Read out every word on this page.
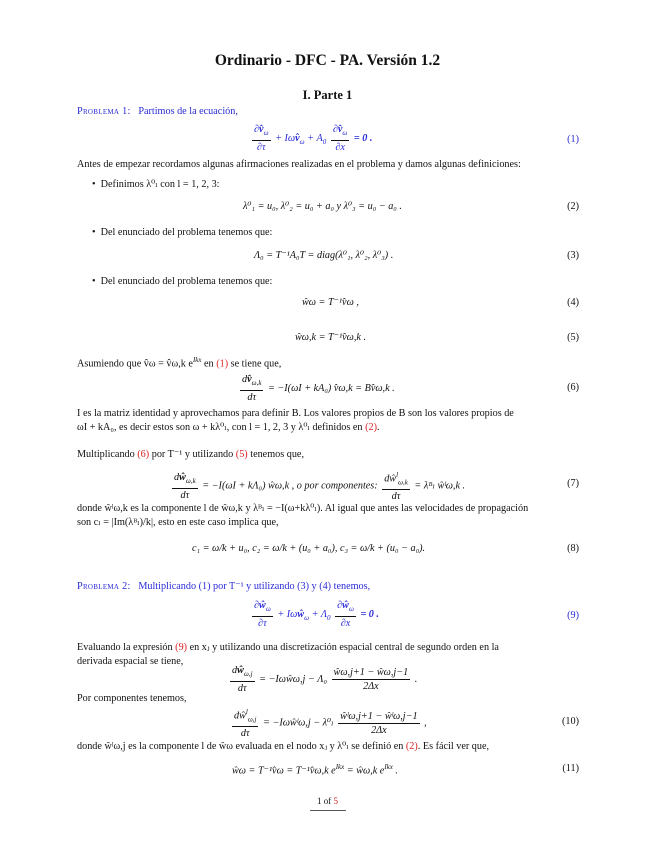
Ordinario - DFC - PA. Versión 1.2
I. Parte 1
Problema 1: Partimos de la ecuación,
$\frac{\partial v̂_\omega}{\partial\tau}$ + $I\omega v̂_\omega + A_0 \frac{\partial v̂_\omega}{\partial x} = 0$ .	(1)
Antes de empezar recordamos algunas afirmaciones realizadas en el problema y damos algunas definiciones:
•  Definimos λ⁰ₗ con l = 1, 2, 3:
λ⁰₁ = u₀, λ⁰₂ = u₀ + a₀ y λ⁰₃ = u₀ − a₀ .	(2)
•  Del enunciado del problema tenemos que:
Λ₀ = T⁻¹A₀T = diag(λ⁰₁, λ⁰₂, λ⁰₃) .	(3)
•  Del enunciado del problema tenemos que:
ŵω = T⁻¹v̂ω ,	(4)
ŵω,k = T⁻¹v̂ω,k .	(5)
Asumiendo que v̂ω = v̂ω,k $e^{Ikx}$ en (1) se tiene que,
$\frac{dv̂_{\omega,k}}{d\tau} = -I(\omega I + kA_0)$ v̂ω,k = Bv̂ω,k .	(6)
I es la matriz identidad y aprovechamos para definir B. Los valores propios de B son los valores propios de
ωI + kA₀, es decir estos son ω + kλ⁰ₗ, con l = 1, 2, 3 y λ⁰ₗ definidos en (2).
Multiplicando (6) por T⁻¹ y utilizando (5) tenemos que,
$\frac{dŵ_{\omega,k}}{d\tau} = -I(\omega I + k\Lambda_0)$ ŵω,k , o por componentes: $\frac{dŵ^l_{\omega,k}}{d\tau}$ = λᴮₗ ŵˡω,k .	(7)
donde ŵˡω,k es la componente l de ŵω,k y λᴮₗ = −I(ω+kλ⁰ₗ). Al igual que antes las velocidades de propagación
son cₗ = |Im(λᴮₗ)/k|, esto en este caso implica que,
c₁ = ω/k + u₀, c₂ = ω/k + (u₀ + a₀), c₃ = ω/k + (u₀ − a₀).	(8)
Problema 2: Multiplicando (1) por T⁻¹ y utilizando (3) y (4) tenemos,
$\frac{\partial ŵ_\omega}{\partial\tau}$ + Iωŵ$_\omega$ + $\Lambda_0 \frac{\partial ŵ_\omega}{\partial x} = 0$ .	(9)
Evaluando la expresión (9) en xⱼ y utilizando una discretización espacial central de segundo orden en la
derivada espacial se tiene,
$\frac{dŵ_{\omega,j}}{d\tau}$ = −Iωŵω,j − $\Lambda_0 \frac{ŵ\omega,j+1 - ŵ\omega,j-1}{2\Delta x}$ .
Por componentes tenemos,
$\frac{dŵ^l_{\omega,j}}{d\tau}$ = −Iωŵˡω,j − $\lambda^0_l \frac{\text{ŵˡω,j+1 − ŵˡω,j−1}}{2\Delta x}$ ,	(10)
donde ŵˡω,j es la componente l de ŵω evaluada en el nodo xⱼ y λ⁰ₗ se definió en (2). Es fácil ver que,
ŵω = T⁻¹v̂ω = T⁻¹v̂ω,k $e^{Ikx}$ = ŵω,k $e^{Ikx}$ .	(11)
1 of 5
